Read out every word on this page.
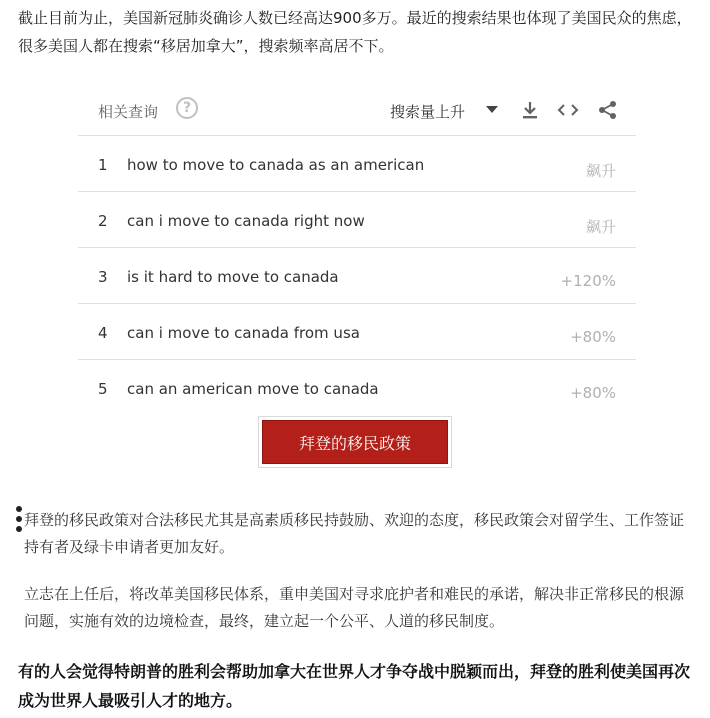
截止目前为止，美国新冠肺炎确诊人数已经高达900多万。最近的搜索结果也体现了美国民众的焦虑，很多美国人都在搜索“移居加拿大”，搜索频率高居不下。

相关查询	?	搜索量上升
1 how to move to canada as an american	飙升
2 can i move to canada right now	飙升
3 is it hard to move to canada	+120%
4 can i move to canada from usa	+80%
5 can an american move to canada	+80%
拜登的移民政策

拜登的移民政策对合法移民尤其是高素质移民持鼓励、欢迎的态度，移民政策会对留学生、工作签证持有者及绿卡申请者更加友好。

立志在上任后，将改革美国移民体系，重申美国对寻求庇护者和难民的承诺，解决非正常移民的根源问题，实施有效的边境检查，最终，建立起一个公平、人道的移民制度。

有的人会觉得特朗普的胜利会帮助加拿大在世界人才争夺战中脱颖而出，拜登的胜利使美国再次成为世界人最吸引人才的地方。
